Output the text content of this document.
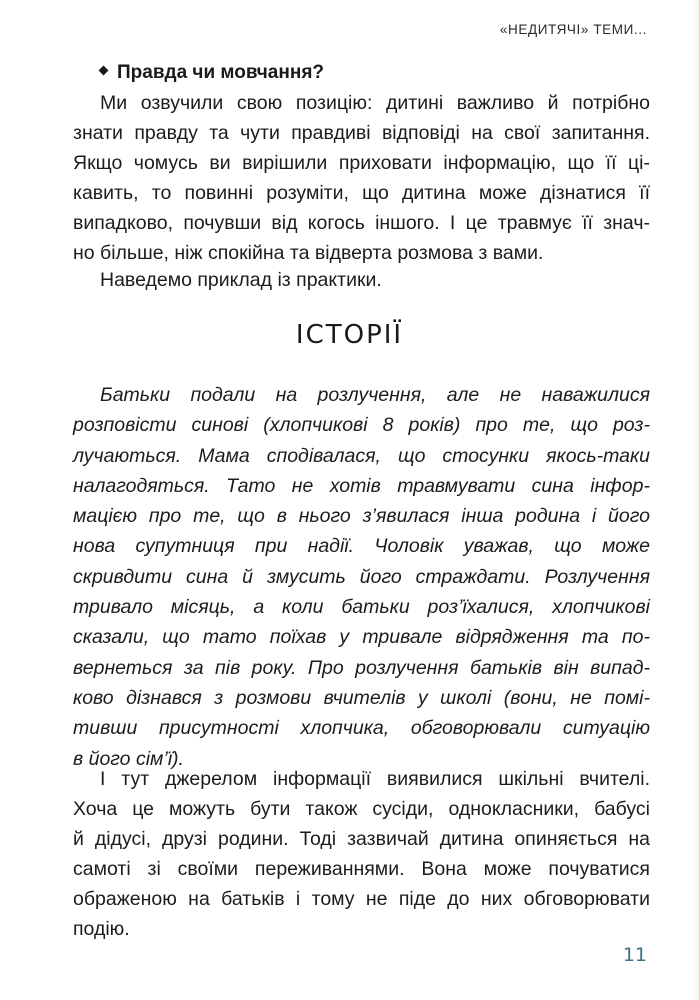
«НЕДИТЯЧІ» ТЕМИ...
Правда чи мовчання?
Ми озвучили свою позицію: дитині важливо й потрібно
знати правду та чути правдиві відповіді на свої запитання.
Якщо чомусь ви вирішили приховати інформацію, що її ці-
кавить, то повинні розуміти, що дитина може дізнатися її
випадково, почувши від когось іншого. І це травмує її знач-
но більше, ніж спокійна та відверта розмова з вами.
Наведемо приклад із практики.
ІСТОРІЇ
Батьки подали на розлучення, але не наважилися
розповісти синові (хлопчикові 8 років) про те, що роз-
лучаються. Мама сподівалася, що стосунки якось-таки
налагодяться. Тато не хотів травмувати сина інфор-
мацією про те, що в нього з’явилася інша родина і його
нова супутниця при надії. Чоловік уважав, що може
скривдити сина й змусить його страждати. Розлучення
тривало місяць, а коли батьки роз’їхалися, хлопчикові
сказали, що тато поїхав у тривале відрядження та по-
вернеться за пів року. Про розлучення батьків він випад-
ково дізнався з розмови вчителів у школі (вони, не помі-
тивши присутності хлопчика, обговорювали ситуацію
в його сім’ї).
І тут джерелом інформації виявилися шкільні вчителі.
Хоча це можуть бути також сусіди, однокласники, бабусі
й дідусі, друзі родини. Тоді зазвичай дитина опиняється на
самоті зі своїми переживаннями. Вона може почуватися
ображеною на батьків і тому не піде до них обговорювати
подію.
11
